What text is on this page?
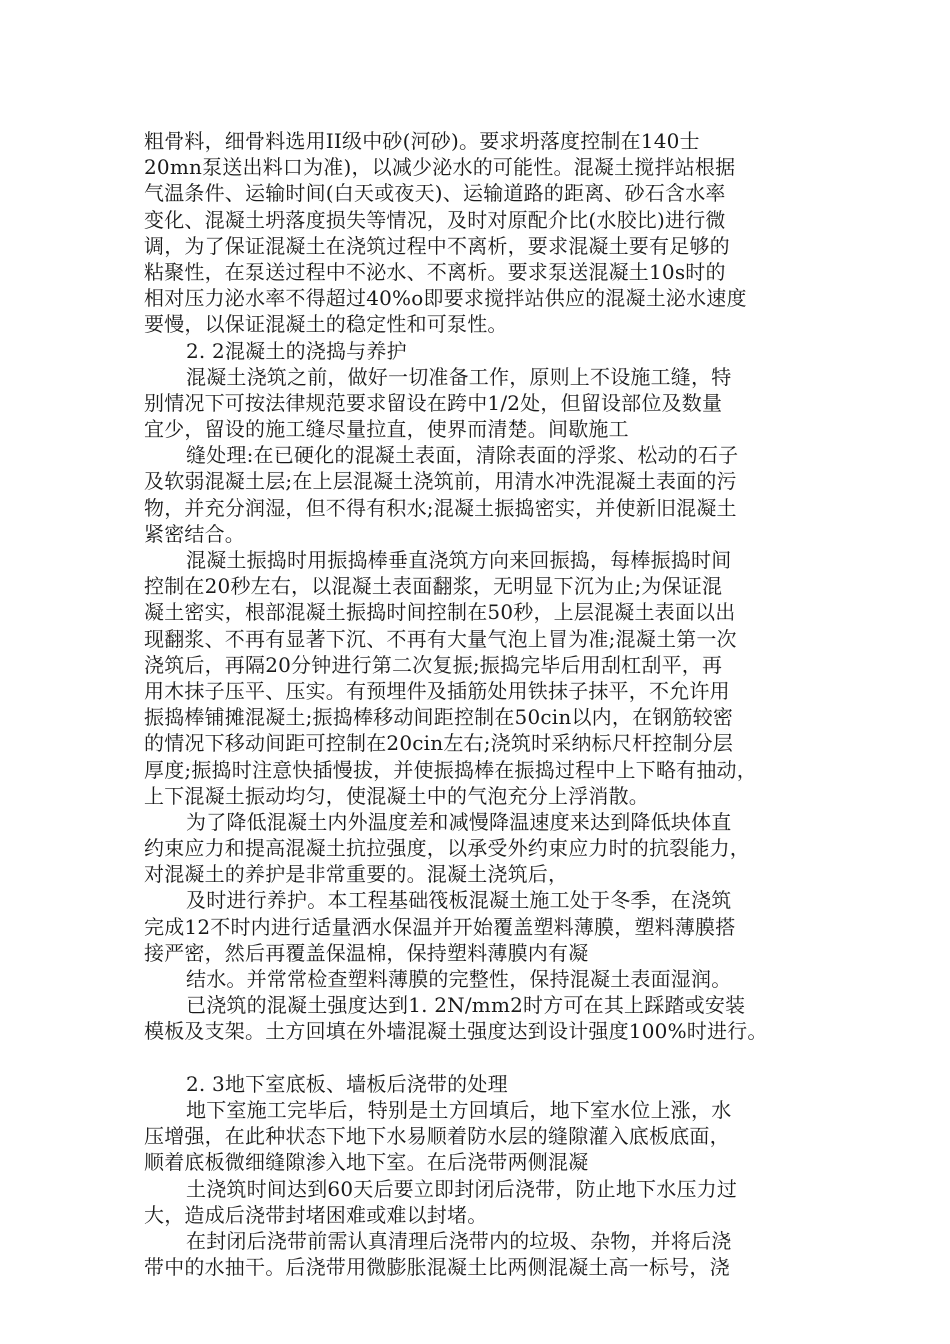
粗骨料，细骨料选用II级中砂(河砂)。要求坍落度控制在140士
20mn泵送出料口为准)，以减少泌水的可能性。混凝土搅拌站根据
气温条件、运输时间(白天或夜天)、运输道路的距离、砂石含水率
变化、混凝土坍落度损失等情况，及时对原配介比(水胶比)进行微
调，为了保证混凝土在浇筑过程中不离析，要求混凝土要有足够的
粘聚性，在泵送过程中不泌水、不离析。要求泵送混凝土10s时的
相对压力泌水率不得超过40%o即要求搅拌站供应的混凝土泌水速度
要慢，以保证混凝土的稳定性和可泵性。
2. 2混凝土的浇捣与养护
混凝土浇筑之前，做好一切准备工作，原则上不设施工缝，特
别情况下可按法律规范要求留设在跨中1/2处，但留设部位及数量
宜少，留设的施工缝尽量拉直，使界而清楚。间歇施工
缝处理:在已硬化的混凝土表面，清除表面的浮浆、松动的石子
及软弱混凝土层;在上层混凝土浇筑前，用清水冲洗混凝土表面的污
物，并充分润湿，但不得有积水;混凝土振捣密实，并使新旧混凝土
紧密结合。
混凝土振捣时用振捣棒垂直浇筑方向来回振捣，每棒振捣时间
控制在20秒左右，以混凝土表面翻浆，无明显下沉为止;为保证混
凝土密实，根部混凝土振捣时间控制在50秒，上层混凝土表面以出
现翻浆、不再有显著下沉、不再有大量气泡上冒为准;混凝土第一次
浇筑后，再隔20分钟进行第二次复振;振捣完毕后用刮杠刮平，再
用木抹子压平、压实。有预埋件及插筋处用铁抹子抹平，不允许用
振捣棒铺摊混凝土;振捣棒移动间距控制在50cin以内，在钢筋较密
的情况下移动间距可控制在20cin左右;浇筑时采纳标尺杆控制分层
厚度;振捣时注意快插慢拔，并使振捣棒在振捣过程中上下略有抽动，
上下混凝土振动均匀，使混凝土中的气泡充分上浮消散。
为了降低混凝土内外温度差和减慢降温速度来达到降低块体直
约束应力和提高混凝土抗拉强度，以承受外约束应力时的抗裂能力，
对混凝土的养护是非常重要的。混凝土浇筑后，
及时进行养护。本工程基础筏板混凝土施工处于冬季，在浇筑
完成12不时内进行适量洒水保温并开始覆盖塑料薄膜，塑料薄膜搭
接严密，然后再覆盖保温棉，保持塑料薄膜内有凝
结水。并常常检查塑料薄膜的完整性，保持混凝土表面湿润。
已浇筑的混凝土强度达到1. 2N/mm2时方可在其上踩踏或安装
模板及支架。土方回填在外墙混凝土强度达到设计强度100%时进行。
2. 3地下室底板、墙板后浇带的处理
地下室施工完毕后，特别是土方回填后，地下室水位上涨，水
压增强，在此种状态下地下水易顺着防水层的缝隙灌入底板底面，
顺着底板微细缝隙渗入地下室。在后浇带两侧混凝
土浇筑时间达到60天后要立即封闭后浇带，防止地下水压力过
大，造成后浇带封堵困难或难以封堵。
在封闭后浇带前需认真清理后浇带内的垃圾、杂物，并将后浇
带中的水抽干。后浇带用微膨胀混凝土比两侧混凝土高一标号，浇
